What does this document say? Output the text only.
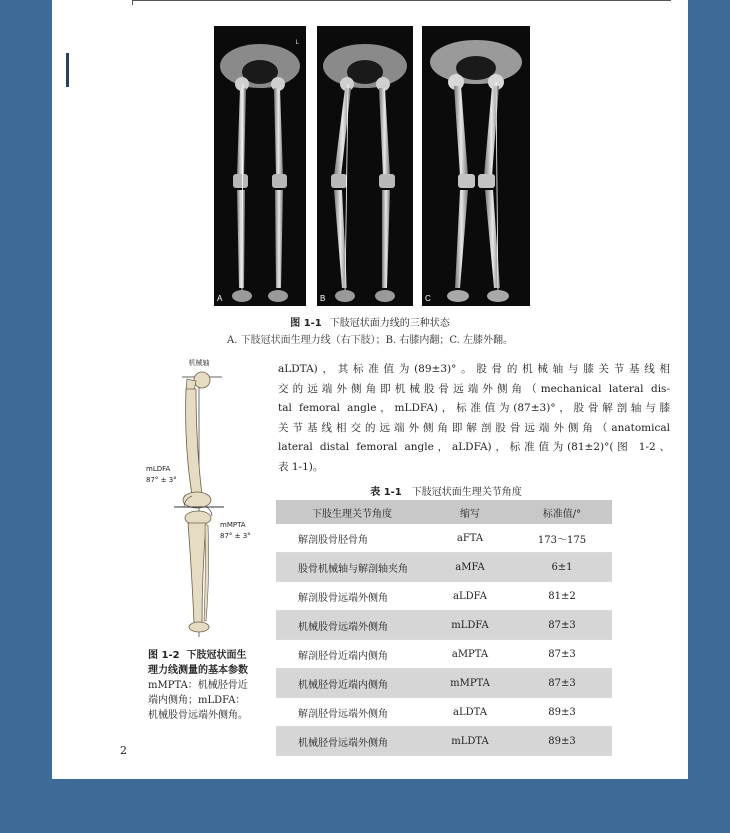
A
L
B	C
图 1-1 下肢冠状面力线的三种状态
A. 下肢冠状面生理力线（右下肢）；B. 右膝内翻；C. 左膝外翻。
机械轴
mLDFA
87° ± 3°
mMPTA
87° ± 3°
图 1-2 下肢冠状面生理力线测量的基本参数
mMPTA：机械胫骨近端内侧角；mLDFA：机械股骨远端外侧角。
aLDTA)，其标准值为(89±3)°。股骨的机械轴与膝关节基线相
交的远端外侧角即机械股骨远端外侧角（mechanical lateral dis-
tal femoral angle，mLDFA)，标准值为(87±3)°，股骨解剖轴与膝
关节基线相交的远端外侧角即解剖股骨远端外侧角（anatomical
lateral distal femoral angle，aLDFA)，标准值为(81±2)°(图 1-2、
表 1-1)。
表 1-1 下肢冠状面生理关节角度
下肢生理关节角度	缩写	标准值/°
解剖股骨胫骨角	aFTA	173～175
股骨机械轴与解剖轴夹角	aMFA	6±1
解剖股骨远端外侧角	aLDFA	81±2
机械股骨远端外侧角	mLDFA	87±3
解剖胫骨近端内侧角	aMPTA	87±3
机械胫骨近端内侧角	mMPTA	87±3
解剖胫骨远端外侧角	aLDTA	89±3
机械胫骨远端外侧角	mLDTA	89±3
2
